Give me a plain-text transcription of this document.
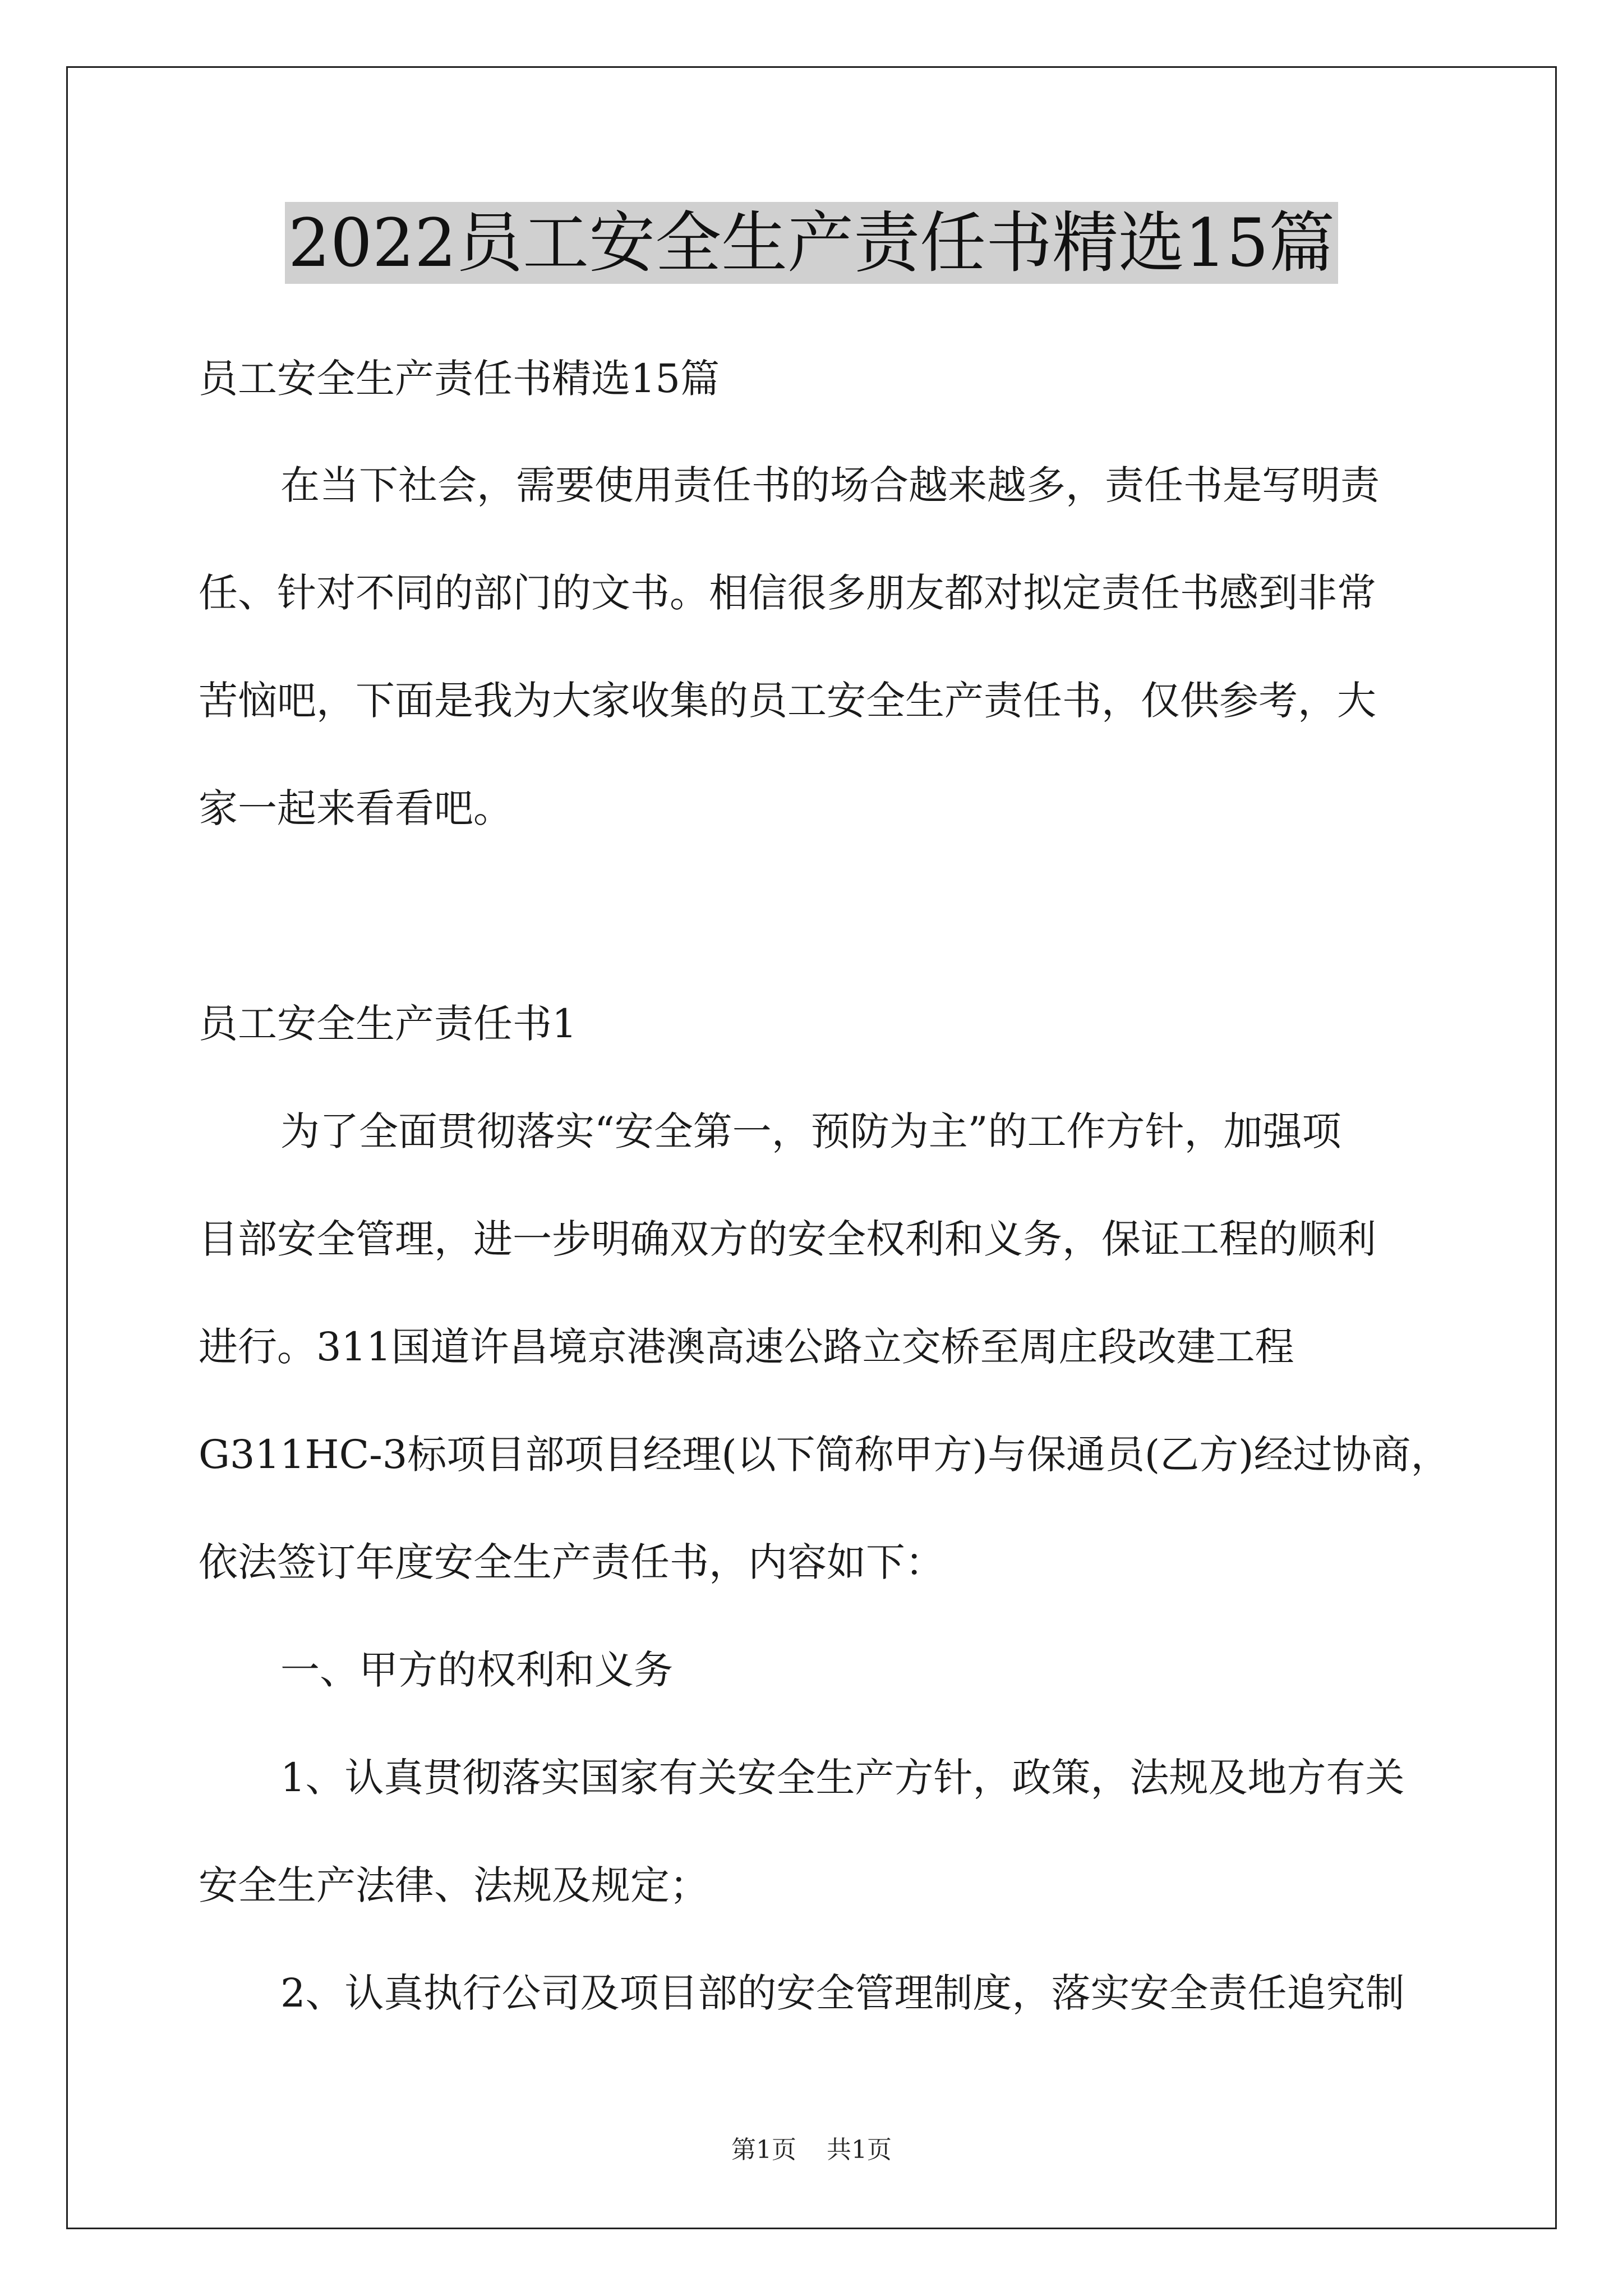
2022员工安全生产责任书精选15篇
员工安全生产责任书精选15篇
在当下社会，需要使用责任书的场合越来越多，责任书是写明责
任、针对不同的部门的文书。相信很多朋友都对拟定责任书感到非常
苦恼吧，下面是我为大家收集的员工安全生产责任书，仅供参考，大
家一起来看看吧。
员工安全生产责任书1
为了全面贯彻落实“安全第一，预防为主”的工作方针，加强项
目部安全管理，进一步明确双方的安全权利和义务，保证工程的顺利
进行。311国道许昌境京港澳高速公路立交桥至周庄段改建工程
G311HC-3标项目部项目经理(以下简称甲方)与保通员(乙方)经过协商，
依法签订年度安全生产责任书，内容如下：
一、甲方的权利和义务
1、认真贯彻落实国家有关安全生产方针，政策，法规及地方有关
安全生产法律、法规及规定；
2、认真执行公司及项目部的安全管理制度，落实安全责任追究制
第1页 共1页
